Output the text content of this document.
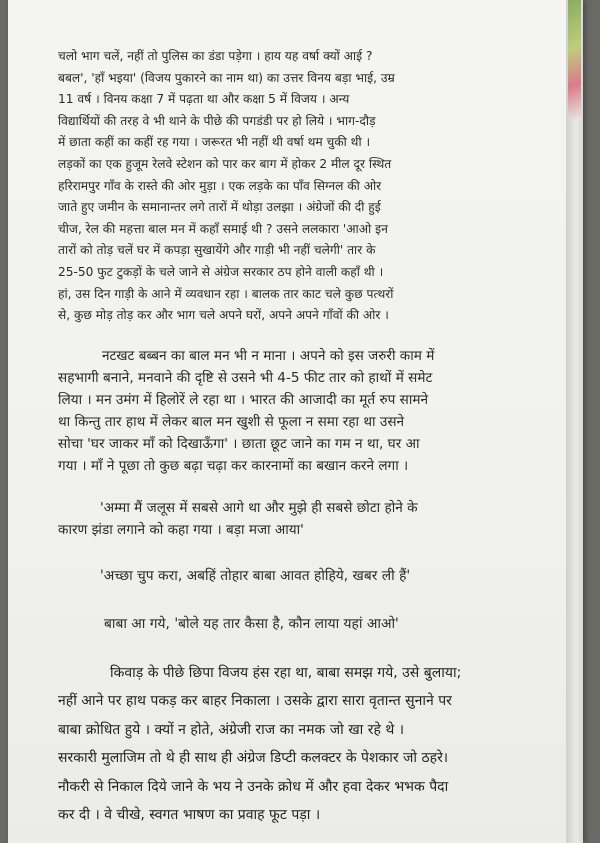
चलो भाग चलें, नहीं तो पुलिस का डंडा पड़ेगा । हाय यह वर्षा क्यों आई ?

बबल', 'हाँ भइया' (विजय पुकारने का नाम था) का उत्तर विनय बड़ा भाई, उम्र

11 वर्ष । विनय कक्षा 7 में पढ़ता था और कक्षा 5 में विजय । अन्य

विद्यार्थियों की तरह वे भी थाने के पीछे की पगडंडी पर हो लिये । भाग-दौड़

में छाता कहीं का कहीं रह गया । जरूरत भी नहीं थी वर्षा थम चुकी थी ।

लड़कों का एक हुजूम रेलवे स्टेशन को पार कर बाग में होकर 2 मील दूर स्थित

हरिरामपुर गाँव के रास्ते की ओर मुड़ा । एक लड़के का पाँव सिग्नल की ओर

जाते हुए जमीन के समानान्तर लगे तारों में थोड़ा उलझा । अंग्रेजों की दी हुई

चीज, रेल की महत्ता बाल मन में कहाँ समाई थी ? उसने ललकारा 'आओ इन

तारों को तोड़ चलें घर में कपड़ा सुखायेंगे और गाड़ी भी नहीं चलेगी' तार के

25-50 फुट टुकड़ों के चले जाने से अंग्रेज सरकार ठप होने वाली कहाँ थी ।

हां, उस दिन गाड़ी के आने में व्यवधान रहा । बालक तार काट चले कुछ पत्थरों

से, कुछ मोड़ तोड़ कर और भाग चले अपने घरों, अपने अपने गाँवों की ओर ।

नटखट बब्बन का बाल मन भी न माना । अपने को इस जरुरी काम में

सहभागी बनाने, मनवाने की दृष्टि से उसने भी 4-5 फीट तार को हाथों में समेट

लिया । मन उमंग में हिलोरें ले रहा था । भारत की आजादी का मूर्त रुप सामने

था किन्तु तार हाथ में लेकर बाल मन खुशी से फूला न समा रहा था उसने

सोचा 'घर जाकर माँ को दिखाऊँगा' । छाता छूट जाने का गम न था, घर आ

गया । माँ ने पूछा तो कुछ बढ़ा चढ़ा कर कारनामों का बखान करने लगा ।

'अम्मा मैं जलूस में सबसे आगे था और मुझे ही सबसे छोटा होने के

कारण झंडा लगाने को कहा गया । बड़ा मजा आया'

'अच्छा चुप करा, अबहिं तोहार बाबा आवत होहिये, खबर ली हैं'

बाबा आ गये, 'बोले यह तार कैसा है, कौन लाया यहां आओ'

किवाड़ के पीछे छिपा विजय हंस रहा था, बाबा समझ गये, उसे बुलाया;

नहीं आने पर हाथ पकड़ कर बाहर निकाला । उसके द्वारा सारा वृतान्त सुनाने पर

बाबा क्रोधित हुये । क्यों न होते, अंग्रेजी राज का नमक जो खा रहे थे ।

सरकारी मुलाजिम तो थे ही साथ ही अंग्रेज डिप्टी कलक्टर के पेशकार जो ठहरे।

नौकरी से निकाल दिये जाने के भय ने उनके क्रोध में और हवा देकर भभक पैदा

कर दी । वे चीखे, स्वगत भाषण का प्रवाह फूट पड़ा ।
